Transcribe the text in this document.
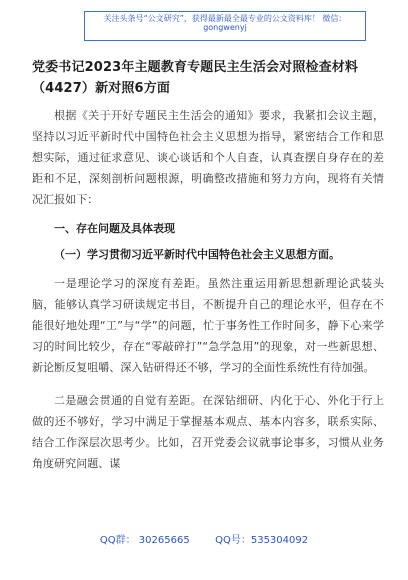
关注头条号“公文研究”，获得最新最全最专业的公文资料库！ 微信：gongwenyj

党委书记2023年主题教育专题民主生活会对照检查材料（4427）新对照6方面

根据《关于开好专题民主生活会的通知》要求，我紧扣会议主题，坚持以习近平新时代中国特色社会主义思想为指导，紧密结合工作和思想实际，通过征求意见、谈心谈话和个人自查，认真查摆自身存在的差距和不足，深刻剖析问题根源，明确整改措施和努力方向，现将有关情况汇报如下：

一、存在问题及具体表现

（一）学习贯彻习近平新时代中国特色社会主义思想方面。

一是理论学习的深度有差距。虽然注重运用新思想新理论武装头脑，能够认真学习研读规定书目，不断提升自己的理论水平，但存在不能很好地处理“工”与“学”的问题，忙于事务性工作时间多，静下心来学习的时间比较少，存在“零敲碎打”“急学急用”的现象，对一些新思想、新论断反复咀嚼、深入钻研得还不够，学习的全面性系统性有待加强。

二是融会贯通的自觉有差距。在深钻细研、内化于心、外化于行上做的还不够好，学习中满足于掌握基本观点、基本内容多，联系实际、结合工作深层次思考少。比如，召开党委会议就事论事多，习惯从业务角度研究问题、谋

QQ群： 30265665        QQ号：535304092
